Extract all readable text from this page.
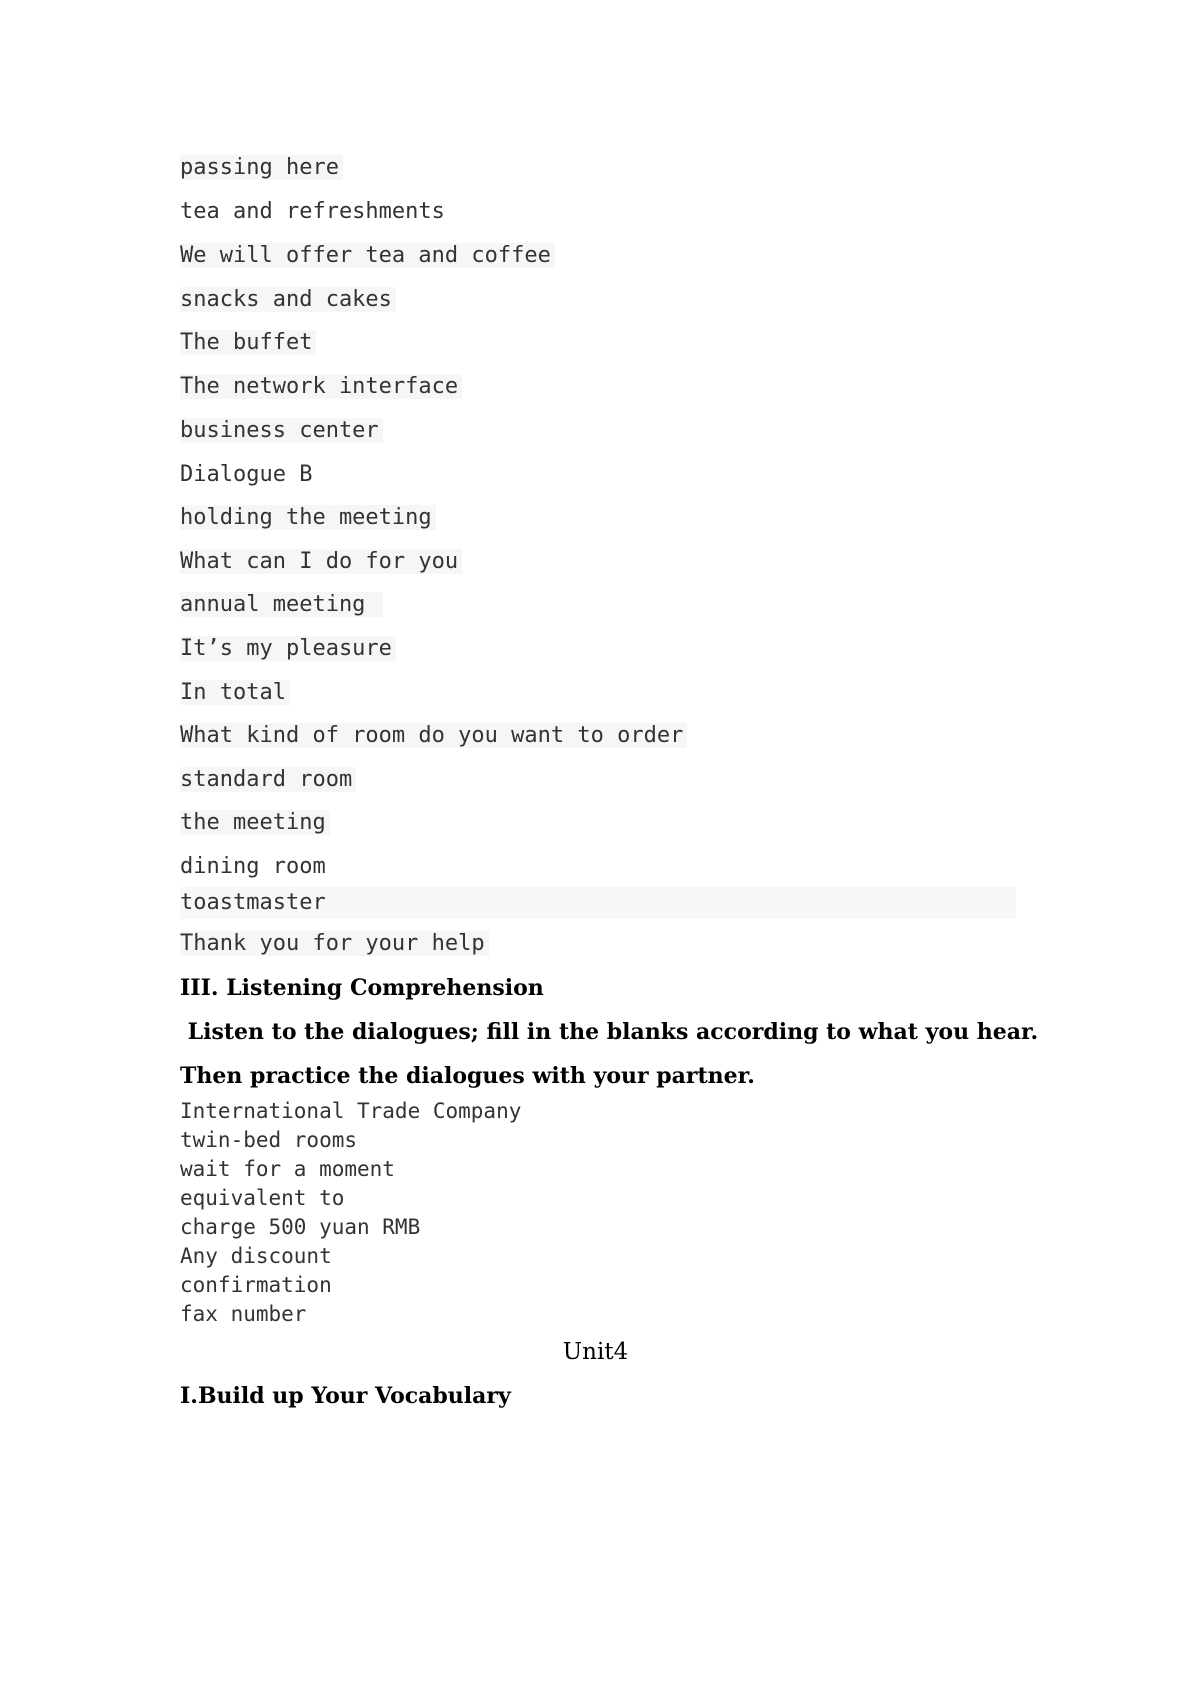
passing here
tea and refreshments
We will offer tea and coffee
snacks and cakes
The buffet
The network interface
business center
Dialogue B
holding the meeting
What can I do for you
annual meeting
It’s my pleasure
In total
What kind of room do you want to order
standard room
the meeting
dining room
toastmaster
Thank you for your help
III. Listening Comprehension
Listen to the dialogues; fill in the blanks according to what you hear.
Then practice the dialogues with your partner.
International Trade Company
twin-bed rooms
wait for a moment
equivalent to
charge 500 yuan RMB
Any discount
confirmation
fax number
Unit4
I.Build up Your Vocabulary
